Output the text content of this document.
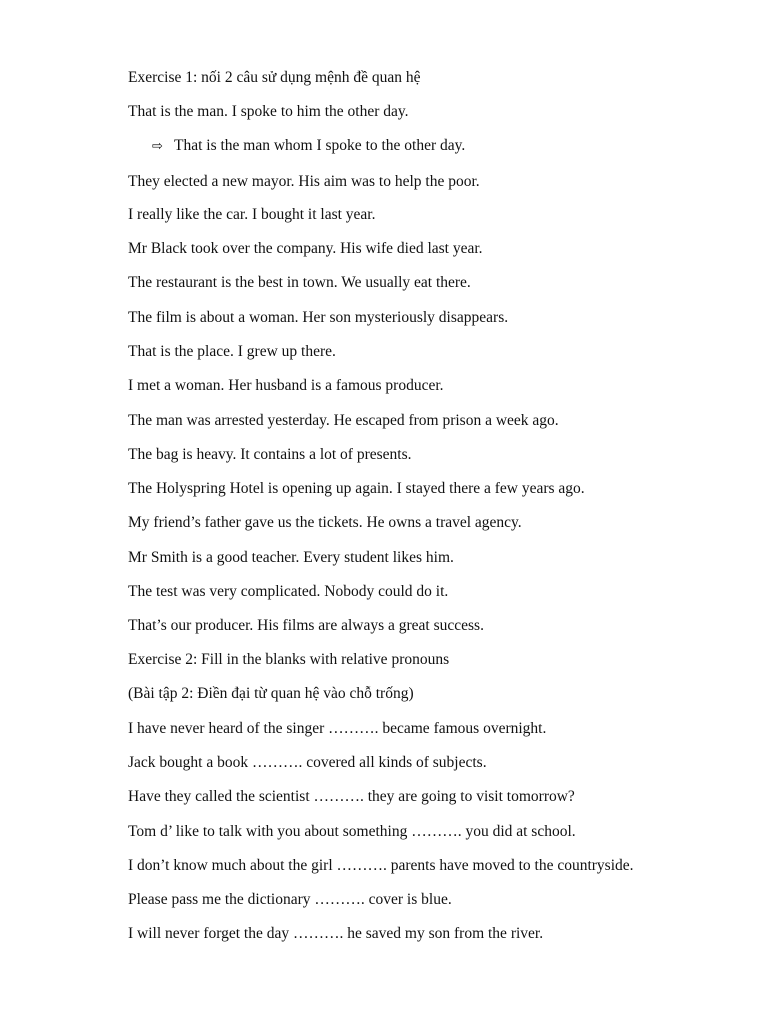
Exercise 1: nối 2 câu sử dụng mệnh đề quan hệ
That is the man. I spoke to him the other day.
⇨ That is the man whom I spoke to the other day.
They elected a new mayor. His aim was to help the poor.
I really like the car. I bought it last year.
Mr Black took over the company. His wife died last year.
The restaurant is the best in town. We usually eat there.
The film is about a woman. Her son mysteriously disappears.
That is the place. I grew up there.
I met a woman. Her husband is a famous producer.
The man was arrested yesterday. He escaped from prison a week ago.
The bag is heavy. It contains a lot of presents.
The Holyspring Hotel is opening up again. I stayed there a few years ago.
My friend’s father gave us the tickets. He owns a travel agency.
Mr Smith is a good teacher. Every student likes him.
The test was very complicated. Nobody could do it.
That’s our producer. His films are always a great success.
Exercise 2: Fill in the blanks with relative pronouns
(Bài tập 2: Điền đại từ quan hệ vào chỗ trống)
I have never heard of the singer ………. became famous overnight.
Jack bought a book ………. covered all kinds of subjects.
Have they called the scientist ………. they are going to visit tomorrow?
Tom d’ like to talk with you about something ………. you did at school.
I don’t know much about the girl ………. parents have moved to the countryside.
Please pass me the dictionary ………. cover is blue.
I will never forget the day ………. he saved my son from the river.
